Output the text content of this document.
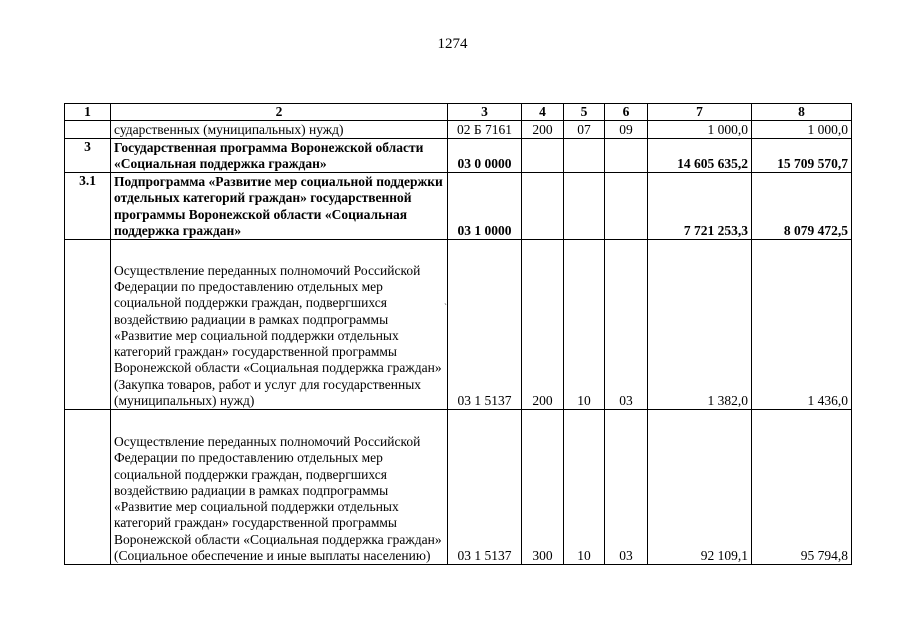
1274
1	2	3	4	5	6	7	8
	сударственных (муниципальных) нужд)	02 Б 7161	200	07	09	1 000,0	1 000,0
3	Государственная программа Воронежской области «Социальная поддержка граждан»	03 0 0000				14 605 635,2	15 709 570,7
3.1	Подпрограмма «Развитие мер социальной поддержки отдельных категорий граждан» государственной программы Воронежской области «Социальная поддержка граждан»	03 1 0000				7 721 253,3	8 079 472,5
	Осуществление переданных полномочий Российской Федерации по предоставлению отдельных мер социальной поддержки граждан, подвергшихся воздействию радиации в рамках подпрограммы «Развитие мер социальной поддержки отдельных категорий граждан» государственной программы Воронежской области «Социальная поддержка граждан» (Закупка товаров, работ и услуг для государственных (муниципальных) нужд)	03 1 5137	200	10	03	1 382,0	1 436,0
	Осуществление переданных полномочий Российской Федерации по предоставлению отдельных мер социальной поддержки граждан, подвергшихся воздействию радиации в рамках подпрограммы «Развитие мер социальной поддержки отдельных категорий граждан» государственной программы Воронежской области «Социальная поддержка граждан» (Социальное обеспечение и иные выплаты населению)	03 1 5137	300	10	03	92 109,1	95 794,8
ˏ
